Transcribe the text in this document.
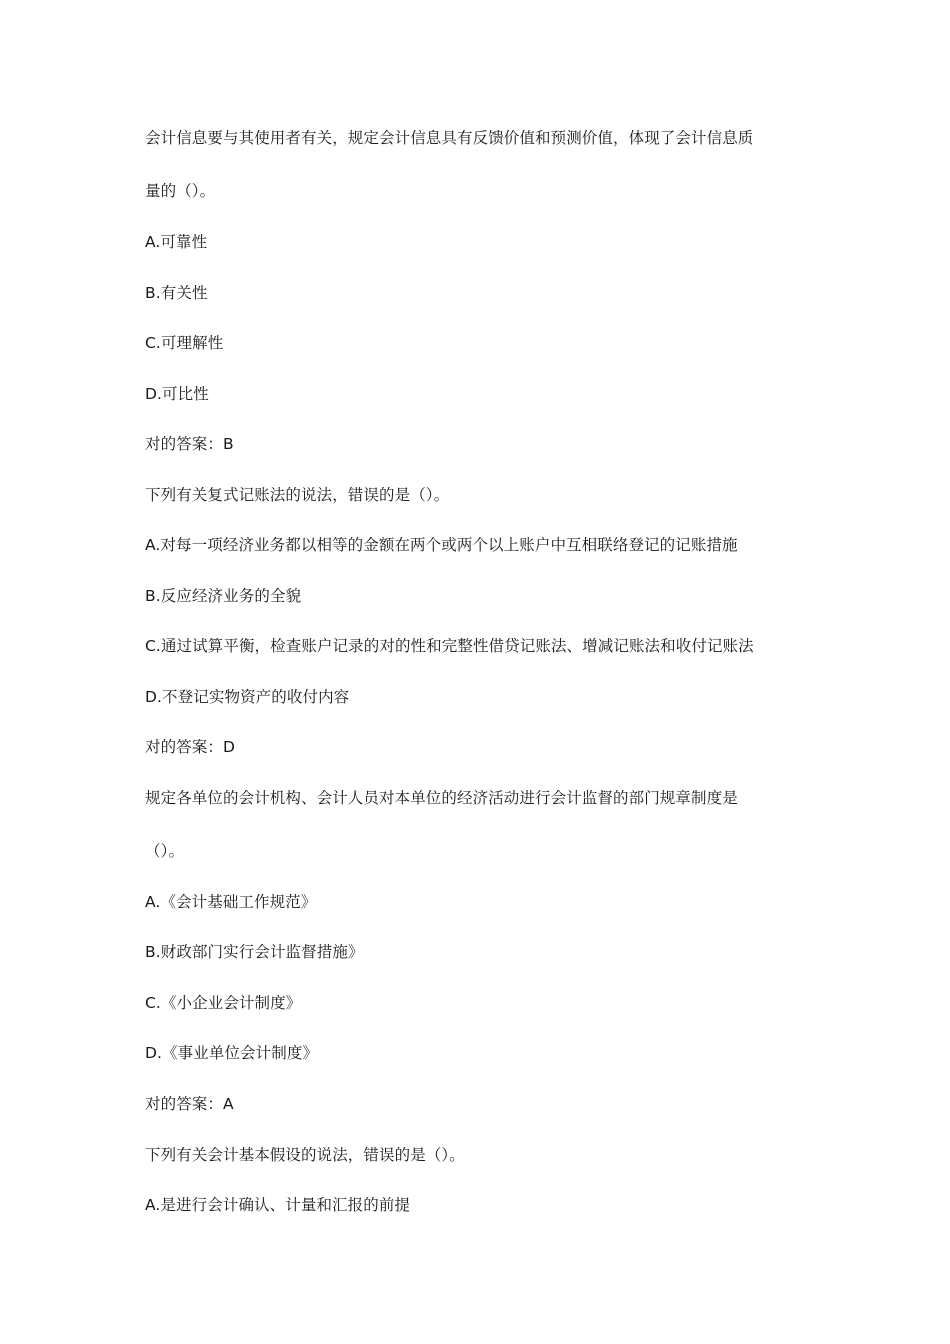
会计信息要与其使用者有关，规定会计信息具有反馈价值和预测价值，体现了会计信息质
量的（）。
A.可靠性
B.有关性
C.可理解性
D.可比性
对的答案：B
下列有关复式记账法的说法，错误的是（）。
A.对每一项经济业务都以相等的金额在两个或两个以上账户中互相联络登记的记账措施
B.反应经济业务的全貌
C.通过试算平衡，检查账户记录的对的性和完整性借贷记账法、增减记账法和收付记账法
D.不登记实物资产的收付内容
对的答案：D
规定各单位的会计机构、会计人员对本单位的经济活动进行会计监督的部门规章制度是
（）。
A.《会计基础工作规范》
B.财政部门实行会计监督措施》
C.《小企业会计制度》
D.《事业单位会计制度》
对的答案：A
下列有关会计基本假设的说法，错误的是（）。
A.是进行会计确认、计量和汇报的前提
